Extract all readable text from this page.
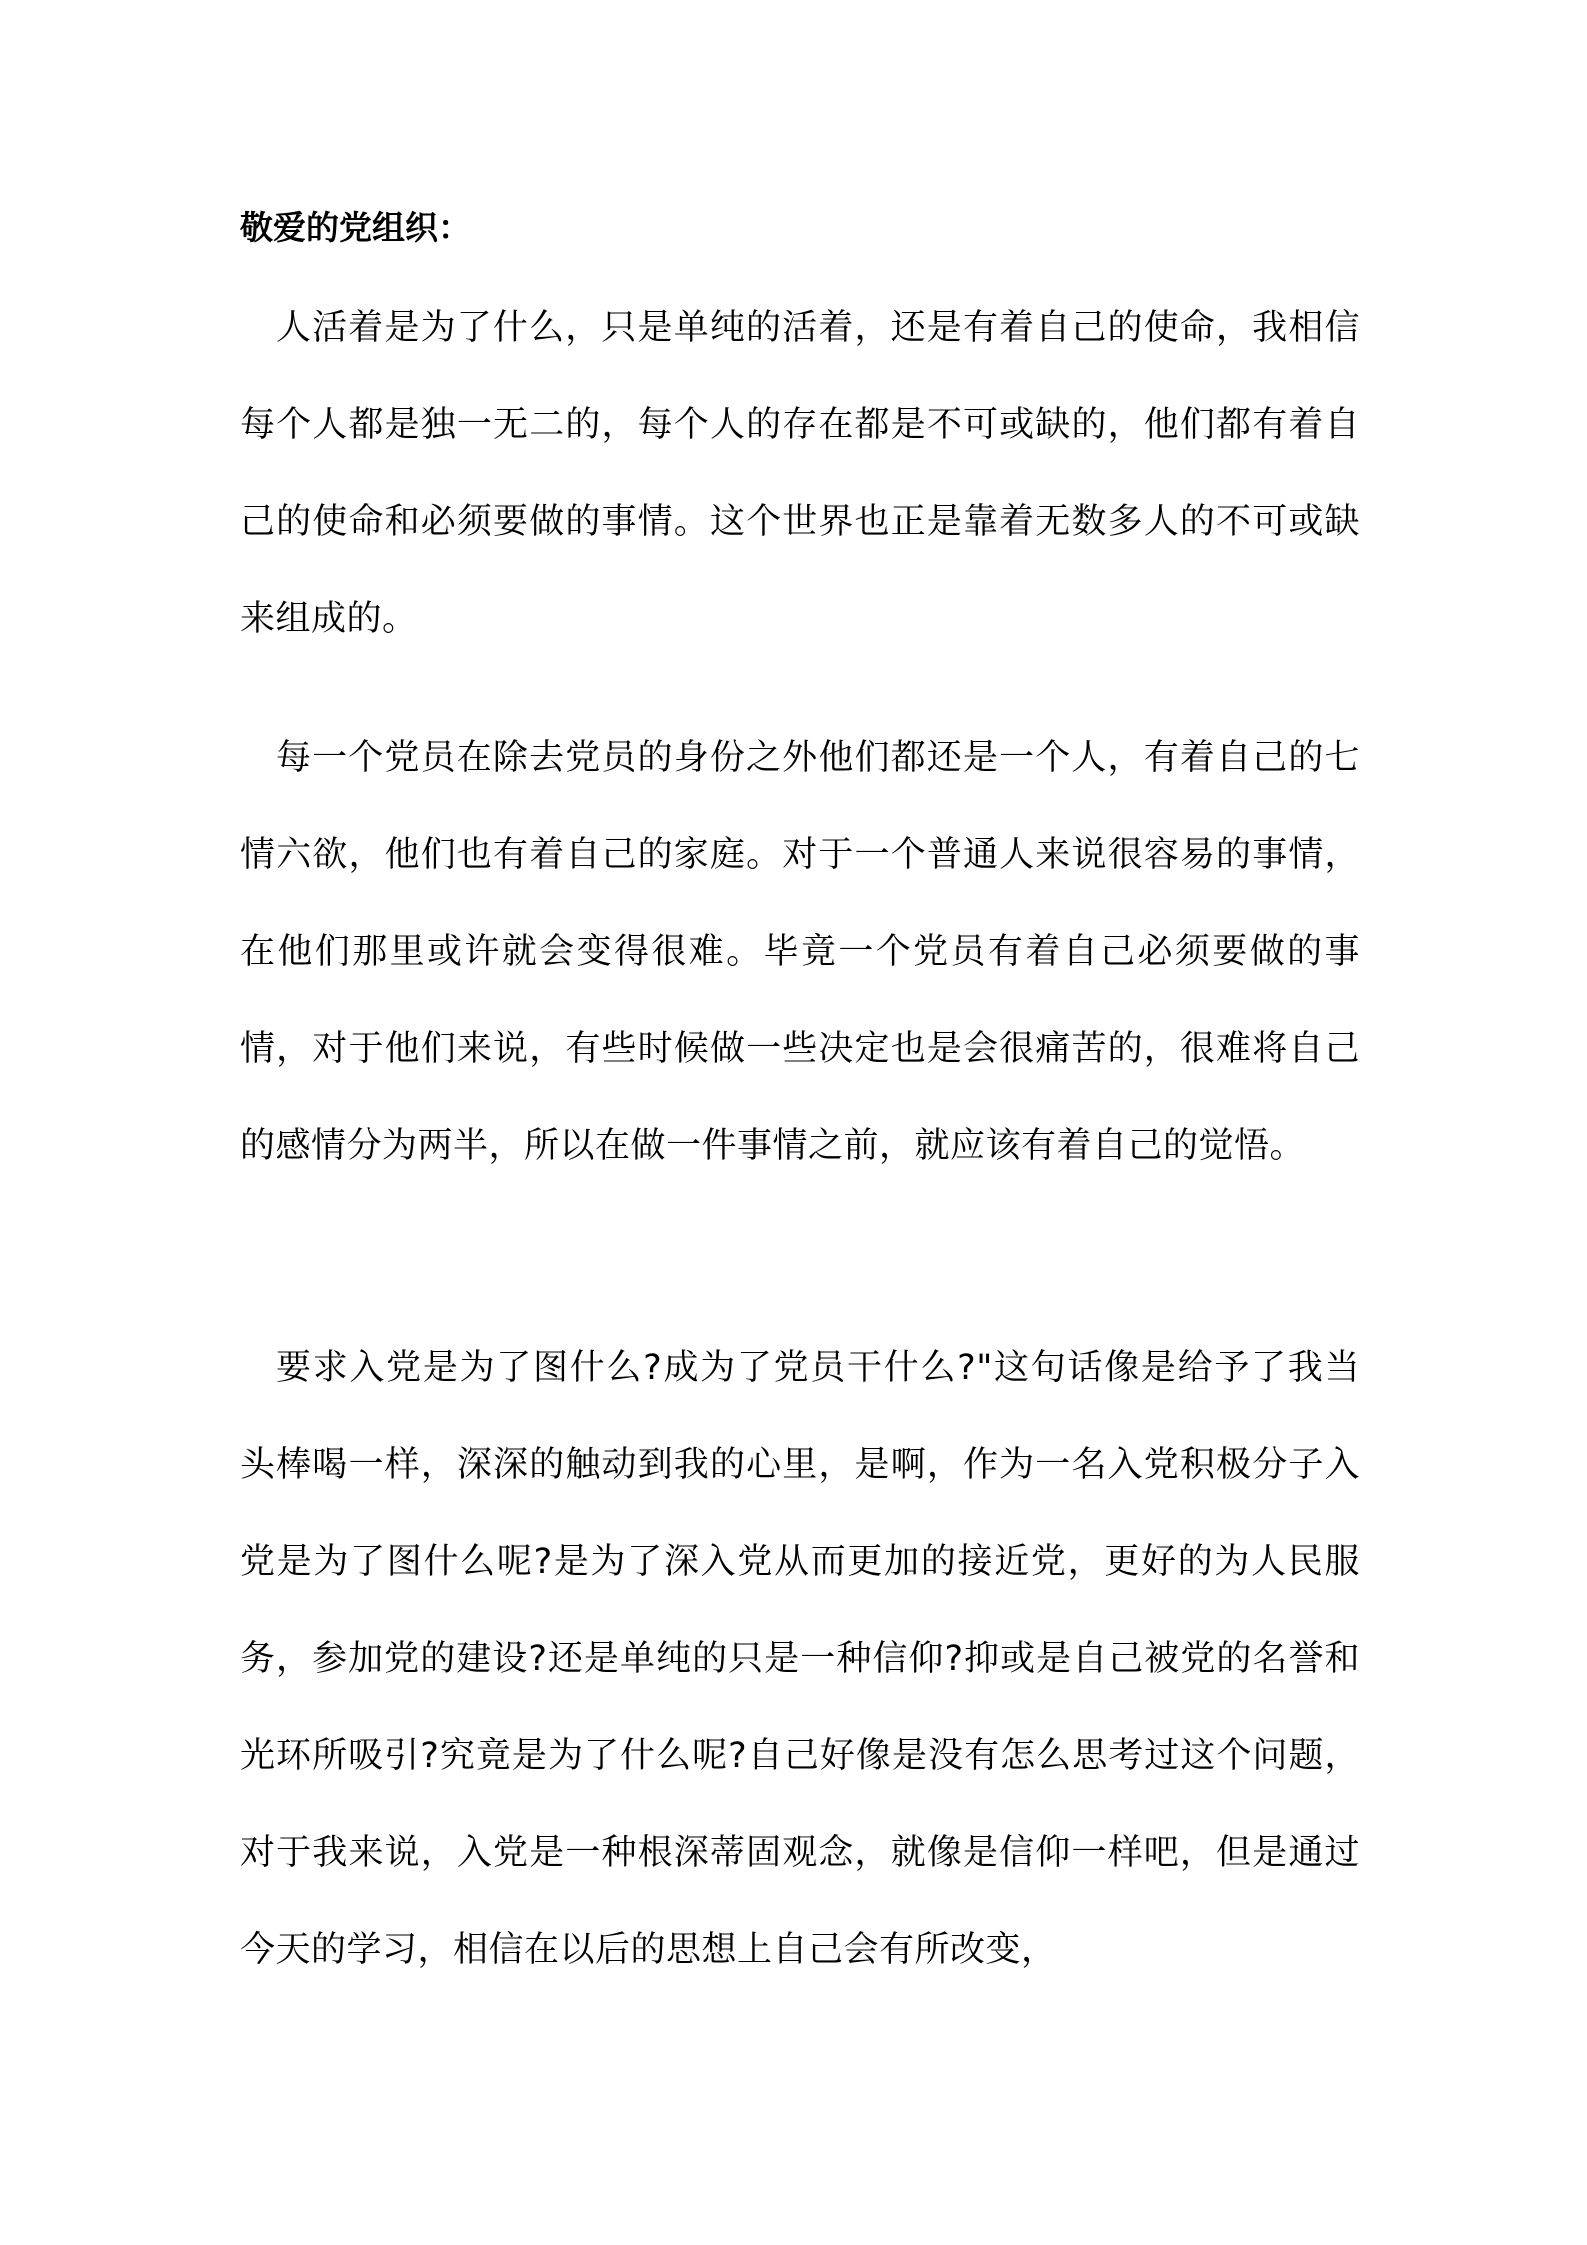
敬爱的党组织：

人活着是为了什么，只是单纯的活着，还是有着自己的使命，我相信每个人都是独一无二的，每个人的存在都是不可或缺的，他们都有着自己的使命和必须要做的事情。这个世界也正是靠着无数多人的不可或缺来组成的。

每一个党员在除去党员的身份之外他们都还是一个人，有着自己的七情六欲，他们也有着自己的家庭。对于一个普通人来说很容易的事情，在他们那里或许就会变得很难。毕竟一个党员有着自己必须要做的事情，对于他们来说，有些时候做一些决定也是会很痛苦的，很难将自己的感情分为两半，所以在做一件事情之前，就应该有着自己的觉悟。

要求入党是为了图什么?成为了党员干什么?"这句话像是给予了我当头棒喝一样，深深的触动到我的心里，是啊，作为一名入党积极分子入党是为了图什么呢?是为了深入党从而更加的接近党，更好的为人民服务，参加党的建设?还是单纯的只是一种信仰?抑或是自己被党的名誉和光环所吸引?究竟是为了什么呢?自己好像是没有怎么思考过这个问题，对于我来说，入党是一种根深蒂固观念，就像是信仰一样吧，但是通过今天的学习，相信在以后的思想上自己会有所改变，
